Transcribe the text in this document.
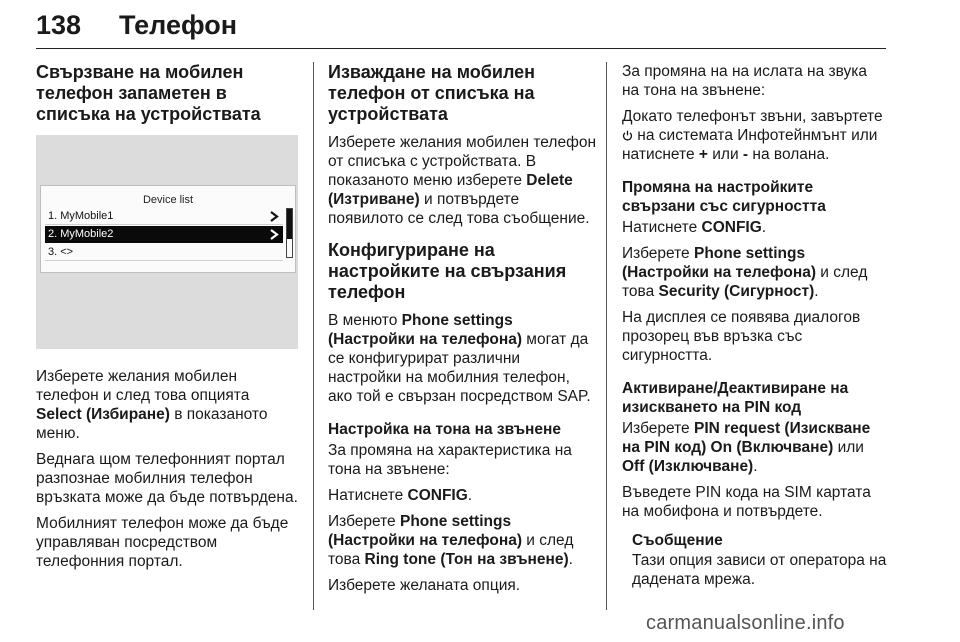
138 Телефон
Свързване на мобилен телефон запаметен в списъка на устройствата
Device list
1. MyMobile1
2. MyMobile2
3. <>

Изберете желания мобилен телефон и след това опцията Select (Избиране) в показаното меню.

Веднага щом телефонният портал разпознае мобилния телефон връзката може да бъде потвърдена.

Мобилният телефон може да бъде управляван посредством телефонния портал.

Изваждане на мобилен телефон от списъка на устройствата

Изберете желания мобилен телефон от списъка с устройствата. В показаното меню изберете Delete (Изтриване) и потвърдете появилото се след това съобщение.

Конфигуриране на настройките на свързания телефон

В менюто Phone settings (Настройки на телефона) могат да се конфигурират различни настройки на мобилния телефон, ако той е свързан посредством SAP.

Настройка на тона на звънене

За промяна на характеристика на тона на звънене:

Натиснете CONFIG.

Изберете Phone settings (Настройки на телефона) и след това Ring tone (Тон на звънене).

Изберете желаната опция.

За промяна на на ислата на звука на тона на звънене:

Докато телефонът звъни, завъртете  на системата Инфотейнмънт или натиснете + или - на волана.

Промяна на настройките свързани със сигурността

Натиснете CONFIG.

Изберете Phone settings (Настройки на телефона) и след това Security (Сигурност).

На дисплея се появява диалогов прозорец във връзка със сигурността.

Активиране/Деактивиране на изискването на PIN код

Изберете PIN request (Изискване на PIN код) On (Включване) или Off (Изключване).

Въведете PIN кода на SIM картата на мобифона и потвърдете.

Съобщение

Тази опция зависи от оператора на дадената мрежа.

carmanualsonline.info
